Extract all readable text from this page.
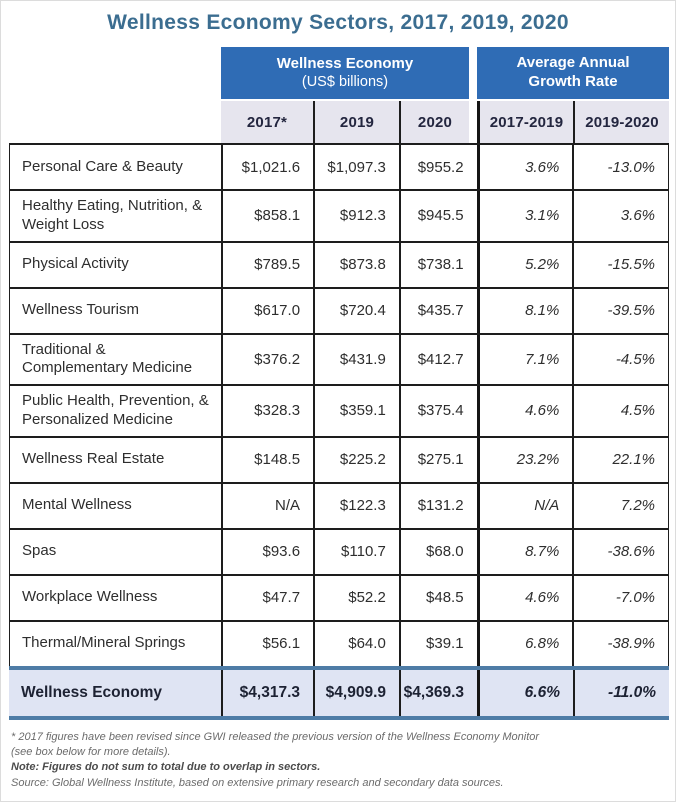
Wellness Economy Sectors, 2017, 2019, 2020
Wellness Economy
(US$ billions)
Average Annual
Growth Rate
2017*	2019	2020	2017-2019	2019-2020
Personal Care & Beauty	$1,021.6	$1,097.3	$955.2	3.6%	-13.0%
Healthy Eating, Nutrition, & Weight Loss	$858.1	$912.3	$945.5	3.1%	3.6%
Physical Activity	$789.5	$873.8	$738.1	5.2%	-15.5%
Wellness Tourism	$617.0	$720.4	$435.7	8.1%	-39.5%
Traditional & Complementary Medicine	$376.2	$431.9	$412.7	7.1%	-4.5%
Public Health, Prevention, & Personalized Medicine	$328.3	$359.1	$375.4	4.6%	4.5%
Wellness Real Estate	$148.5	$225.2	$275.1	23.2%	22.1%
Mental Wellness	N/A	$122.3	$131.2	N/A	7.2%
Spas	$93.6	$110.7	$68.0	8.7%	-38.6%
Workplace Wellness	$47.7	$52.2	$48.5	4.6%	-7.0%
Thermal/Mineral Springs	$56.1	$64.0	$39.1	6.8%	-38.9%
Wellness Economy	$4,317.3	$4,909.9	$4,369.3	6.6%	-11.0%
* 2017 figures have been revised since GWI released the previous version of the Wellness Economy Monitor
(see box below for more details).
Note: Figures do not sum to total due to overlap in sectors.
Source: Global Wellness Institute, based on extensive primary research and secondary data sources.
